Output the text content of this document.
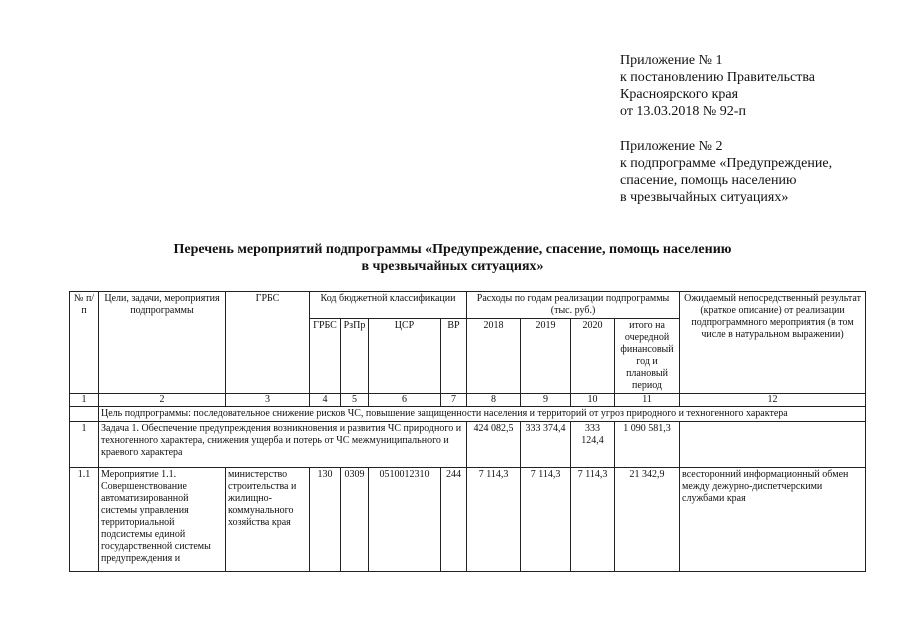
Приложение № 1
к постановлению Правительства
Красноярского края
от 13.03.2018 № 92-п
Приложение № 2
к подпрограмме «Предупреждение,
спасение, помощь населению
в чрезвычайных ситуациях»
Перечень мероприятий подпрограммы «Предупреждение, спасение, помощь населению
в чрезвычайных ситуациях»
№ п/п	Цели, задачи, мероприятия подпрограммы	ГРБС	Код бюджетной классификации				Расходы по годам реализации подпрограммы (тыс. руб.)				Ожидаемый непосредственный результат (краткое описание) от реализации подпрограммного мероприятия (в том числе в натуральном выражении)
			ГРБС	РзПр	ЦСР	ВР	2018	2019	2020	итого на очередной финансовый год и плановый период	
1	2	3	4	5	6	7	8	9	10	11	12
	Цель подпрограммы: последовательное снижение рисков ЧС, повышение защищенности населения и территорий от угроз природного и техногенного характера										
1	Задача 1. Обеспечение предупреждения возникновения и развития ЧС природного и техногенного характера, снижения ущерба и потерь от ЧС межмуниципального и краевого характера						424 082,5	333 374,4	333 124,4	1 090 581,3	
1.1	Мероприятие 1.1. Совершенствование автоматизированной системы управления территориальной подсистемы единой государственной системы предупреждения и	министерство строительства и жилищно-коммунального хозяйства края	130	0309	0510012310	244	7 114,3	7 114,3	7 114,3	21 342,9	всесторонний информационный обмен между дежурно-диспетчерскими службами края
